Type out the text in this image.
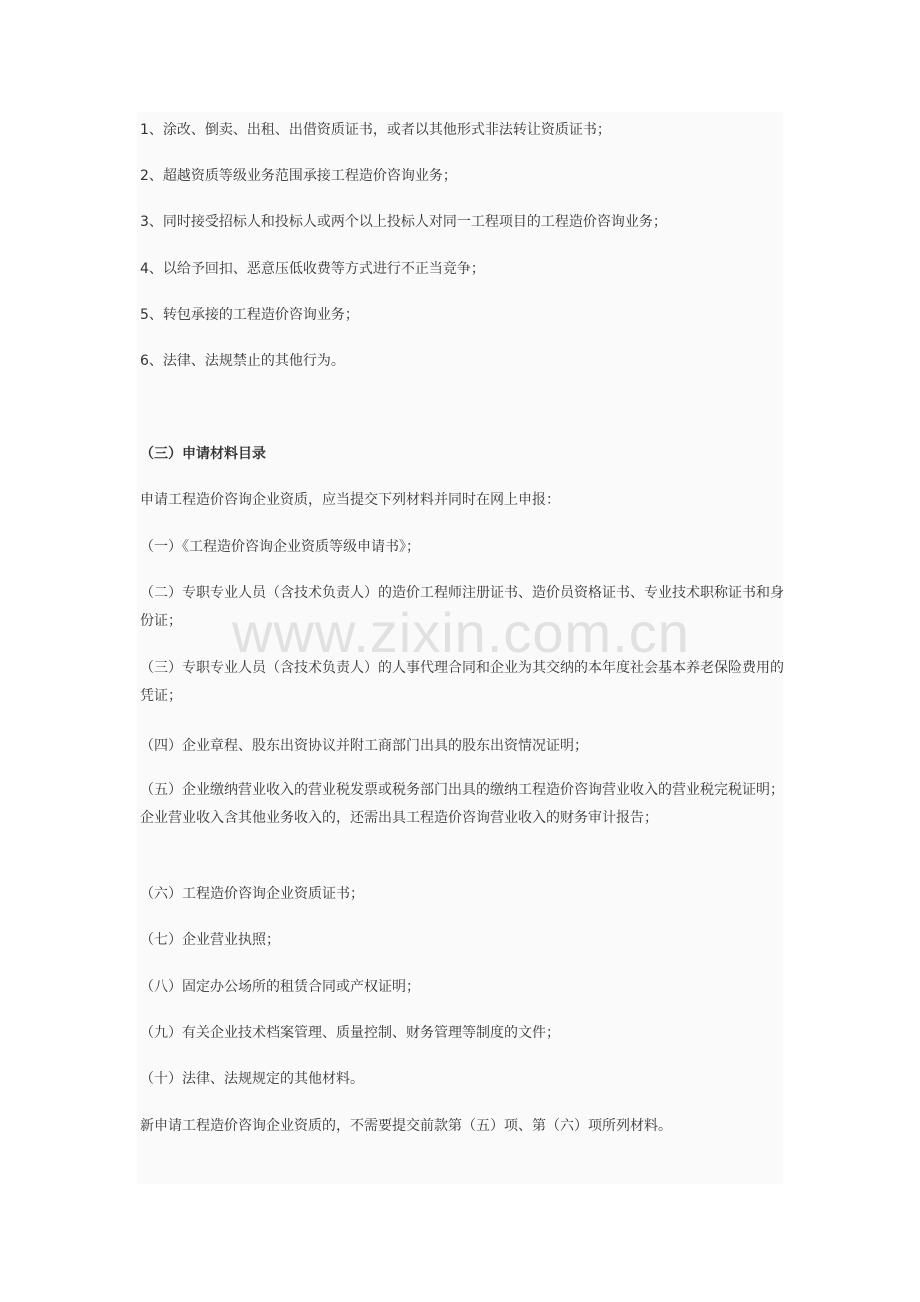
1、涂改、倒卖、出租、出借资质证书，或者以其他形式非法转让资质证书；
2、超越资质等级业务范围承接工程造价咨询业务；
3、同时接受招标人和投标人或两个以上投标人对同一工程项目的工程造价咨询业务；
4、以给予回扣、恶意压低收费等方式进行不正当竞争；
5、转包承接的工程造价咨询业务；
6、法律、法规禁止的其他行为。
（三）申请材料目录
申请工程造价咨询企业资质，应当提交下列材料并同时在网上申报：
（一）《工程造价咨询企业资质等级申请书》；
（二）专职专业人员（含技术负责人）的造价工程师注册证书、造价员资格证书、专业技术职称证书和身份证；
（三）专职专业人员（含技术负责人）的人事代理合同和企业为其交纳的本年度社会基本养老保险费用的凭证；
（四）企业章程、股东出资协议并附工商部门出具的股东出资情况证明；
（五）企业缴纳营业收入的营业税发票或税务部门出具的缴纳工程造价咨询营业收入的营业税完税证明；企业营业收入含其他业务收入的，还需出具工程造价咨询营业收入的财务审计报告；
（六）工程造价咨询企业资质证书；
（七）企业营业执照；
（八）固定办公场所的租赁合同或产权证明；
（九）有关企业技术档案管理、质量控制、财务管理等制度的文件；
（十）法律、法规规定的其他材料。
新申请工程造价咨询企业资质的，不需要提交前款第（五）项、第（六）项所列材料。
www.zixin.com.cn
